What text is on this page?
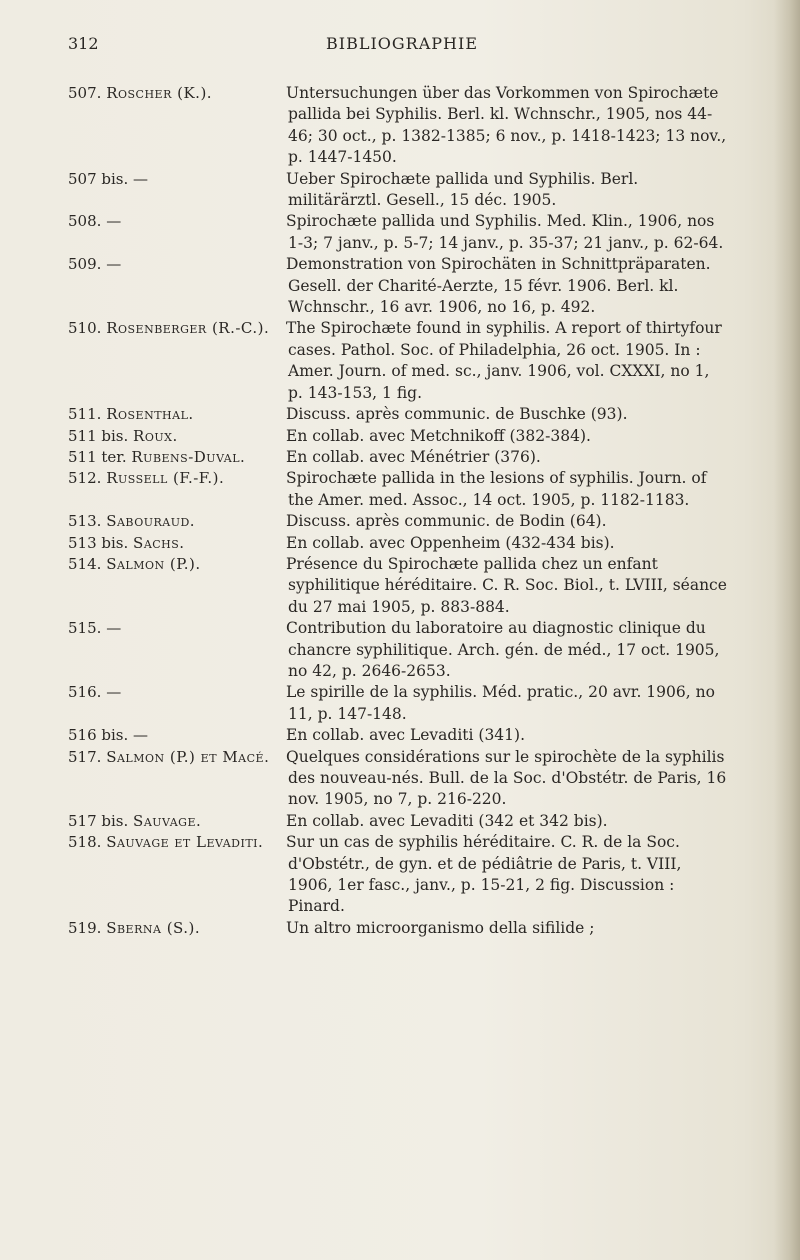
312	BIBLIOGRAPHIE
507. Roscher (K.).	Untersuchungen über das Vorkommen von Spirochæte pallida bei Syphilis. Berl. kl. Wchnschr., 1905, nos 44-46; 30 oct., p. 1382-1385; 6 nov., p. 1418-1423; 13 nov., p. 1447-1450.
507 bis. —	Ueber Spirochæte pallida und Syphilis. Berl. militärärztl. Gesell., 15 déc. 1905.
508. —	Spirochæte pallida und Syphilis. Med. Klin., 1906, nos 1-3; 7 janv., p. 5-7; 14 janv., p. 35-37; 21 janv., p. 62-64.
509. —	Demonstration von Spirochäten in Schnittpräparaten. Gesell. der Charité-Aerzte, 15 févr. 1906. Berl. kl. Wchnschr., 16 avr. 1906, no 16, p. 492.
510. Rosenberger (R.-C.).	The Spirochæte found in syphilis. A report of thirtyfour cases. Pathol. Soc. of Philadelphia, 26 oct. 1905. In : Amer. Journ. of med. sc., janv. 1906, vol. CXXXI, no 1, p. 143-153, 1 fig.
511. Rosenthal.	Discuss. après communic. de Buschke (93).
511 bis. Roux.	En collab. avec Metchnikoff (382-384).
511 ter. Rubens-Duval.	En collab. avec Ménétrier (376).
512. Russell (F.-F.).	Spirochæte pallida in the lesions of syphilis. Journ. of the Amer. med. Assoc., 14 oct. 1905, p. 1182-1183.
513. Sabouraud.	Discuss. après communic. de Bodin (64).
513 bis. Sachs.	En collab. avec Oppenheim (432-434 bis).
514. Salmon (P.).	Présence du Spirochæte pallida chez un enfant syphilitique héréditaire. C. R. Soc. Biol., t. LVIII, séance du 27 mai 1905, p. 883-884.
515. —	Contribution du laboratoire au diagnostic clinique du chancre syphilitique. Arch. gén. de méd., 17 oct. 1905, no 42, p. 2646-2653.
516. —	Le spirille de la syphilis. Méd. pratic., 20 avr. 1906, no 11, p. 147-148.
516 bis. —	En collab. avec Levaditi (341).
517. Salmon (P.) et Macé.	Quelques considérations sur le spirochète de la syphilis des nouveau-nés. Bull. de la Soc. d'Obstétr. de Paris, 16 nov. 1905, no 7, p. 216-220.
517 bis. Sauvage.	En collab. avec Levaditi (342 et 342 bis).
518. Sauvage et Levaditi.	Sur un cas de syphilis héréditaire. C. R. de la Soc. d'Obstétr., de gyn. et de pédiâtrie de Paris, t. VIII, 1906, 1er fasc., janv., p. 15-21, 2 fig. Discussion : Pinard.
519. Sberna (S.).	Un altro microorganismo della sifilide ;
